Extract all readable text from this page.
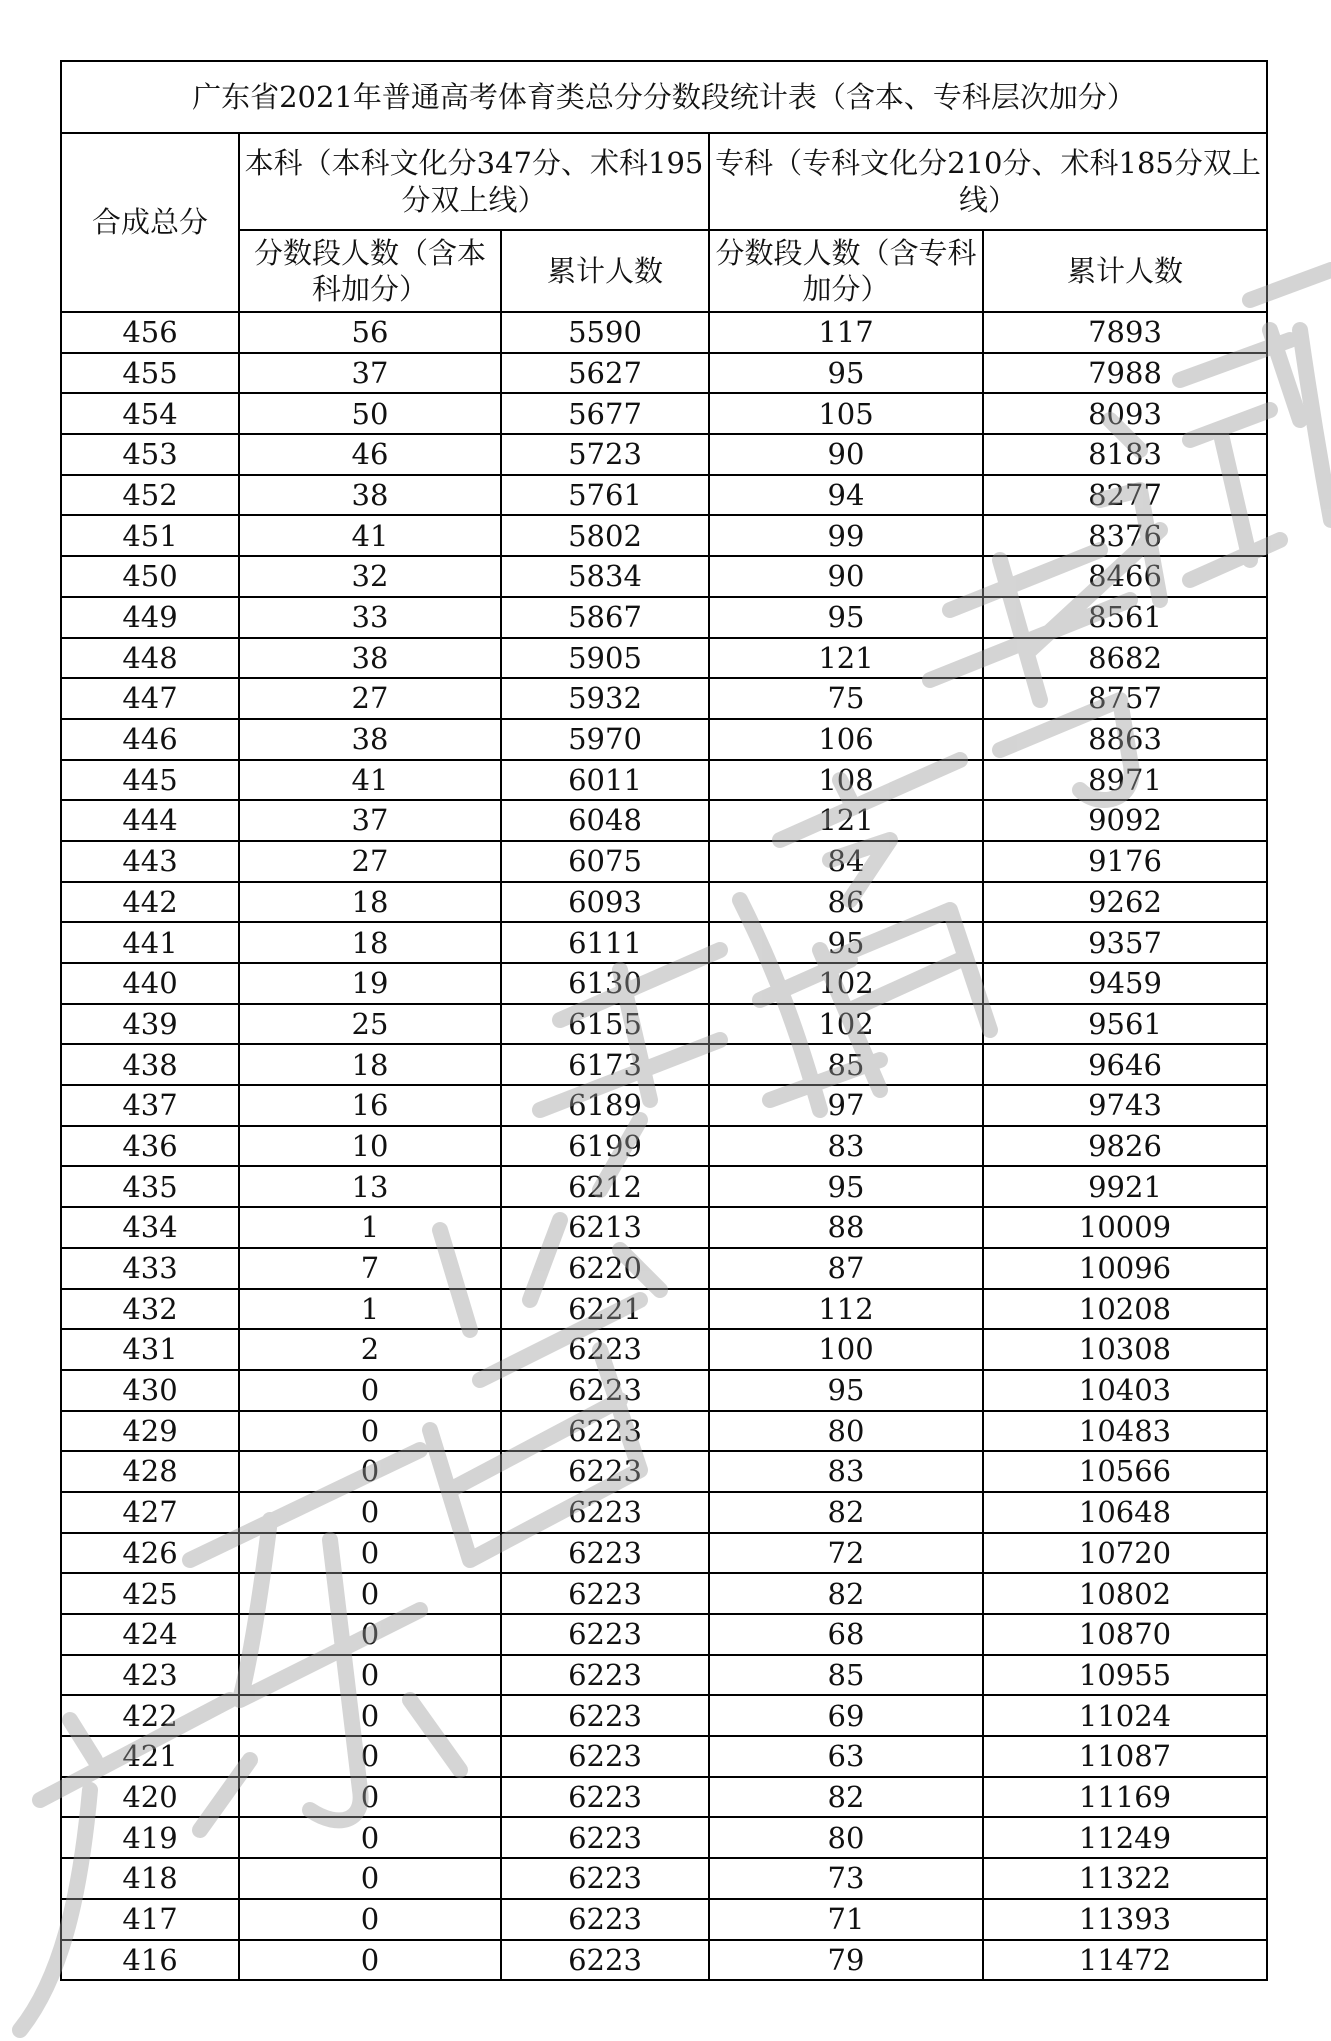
广东省2021年普通高考体育类总分分数段统计表（含本、专科层次加分）				
合成总分	本科（本科文化分347分、术科195分双上线）		专科（专科文化分210分、术科185分双上线）	
	分数段人数（含本科加分）	累计人数	分数段人数（含专科加分）	累计人数
456	56	5590	117	7893
455	37	5627	95	7988
454	50	5677	105	8093
453	46	5723	90	8183
452	38	5761	94	8277
451	41	5802	99	8376
450	32	5834	90	8466
449	33	5867	95	8561
448	38	5905	121	8682
447	27	5932	75	8757
446	38	5970	106	8863
445	41	6011	108	8971
444	37	6048	121	9092
443	27	6075	84	9176
442	18	6093	86	9262
441	18	6111	95	9357
440	19	6130	102	9459
439	25	6155	102	9561
438	18	6173	85	9646
437	16	6189	97	9743
436	10	6199	83	9826
435	13	6212	95	9921
434	1	6213	88	10009
433	7	6220	87	10096
432	1	6221	112	10208
431	2	6223	100	10308
430	0	6223	95	10403
429	0	6223	80	10483
428	0	6223	83	10566
427	0	6223	82	10648
426	0	6223	72	10720
425	0	6223	82	10802
424	0	6223	68	10870
423	0	6223	85	10955
422	0	6223	69	11024
421	0	6223	63	11087
420	0	6223	82	11169
419	0	6223	80	11249
418	0	6223	73	11322
417	0	6223	71	11393
416	0	6223	79	11472
